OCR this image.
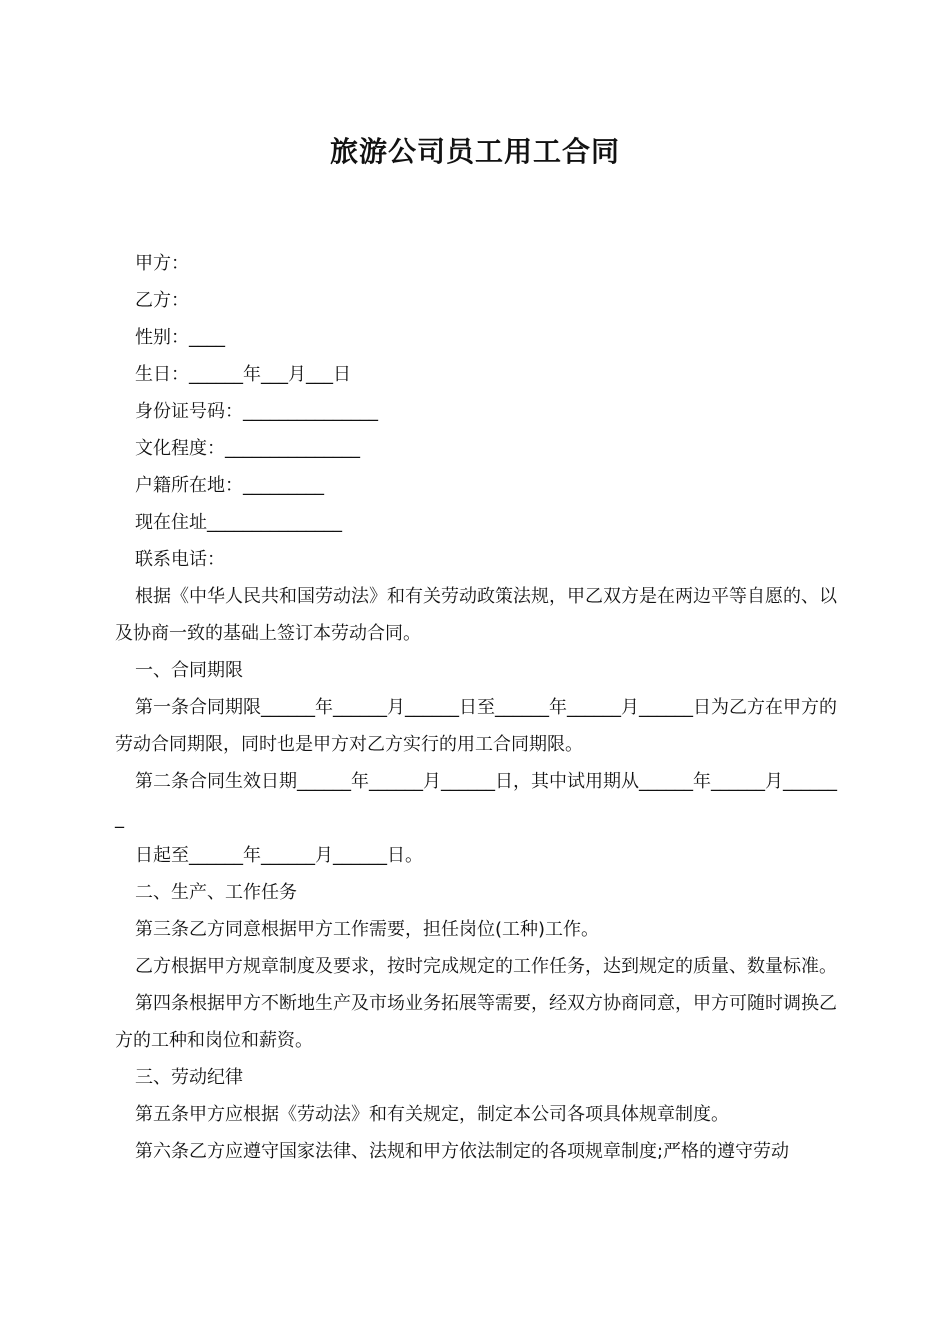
旅游公司员工用工合同

甲方：

乙方：

性别：____

生日：______年___月___日

身份证号码：_______________

文化程度：_______________

户籍所在地：_________

现在住址_______________

联系电话：

根据《中华人民共和国劳动法》和有关劳动政策法规，甲乙双方是在两边平等自愿的、以及协商一致的基础上签订本劳动合同。

一、合同期限

第一条合同期限______年______月______日至______年______月______日为乙方在甲方的劳动合同期限，同时也是甲方对乙方实行的用工合同期限。

第二条合同生效日期______年______月______日，其中试用期从______年______月_______

日起至______年______月______日。

二、生产、工作任务

第三条乙方同意根据甲方工作需要，担任岗位(工种)工作。

乙方根据甲方规章制度及要求，按时完成规定的工作任务，达到规定的质量、数量标准。

第四条根据甲方不断地生产及市场业务拓展等需要，经双方协商同意，甲方可随时调换乙方的工种和岗位和薪资。

三、劳动纪律

第五条甲方应根据《劳动法》和有关规定，制定本公司各项具体规章制度。

第六条乙方应遵守国家法律、法规和甲方依法制定的各项规章制度;严格的遵守劳动
